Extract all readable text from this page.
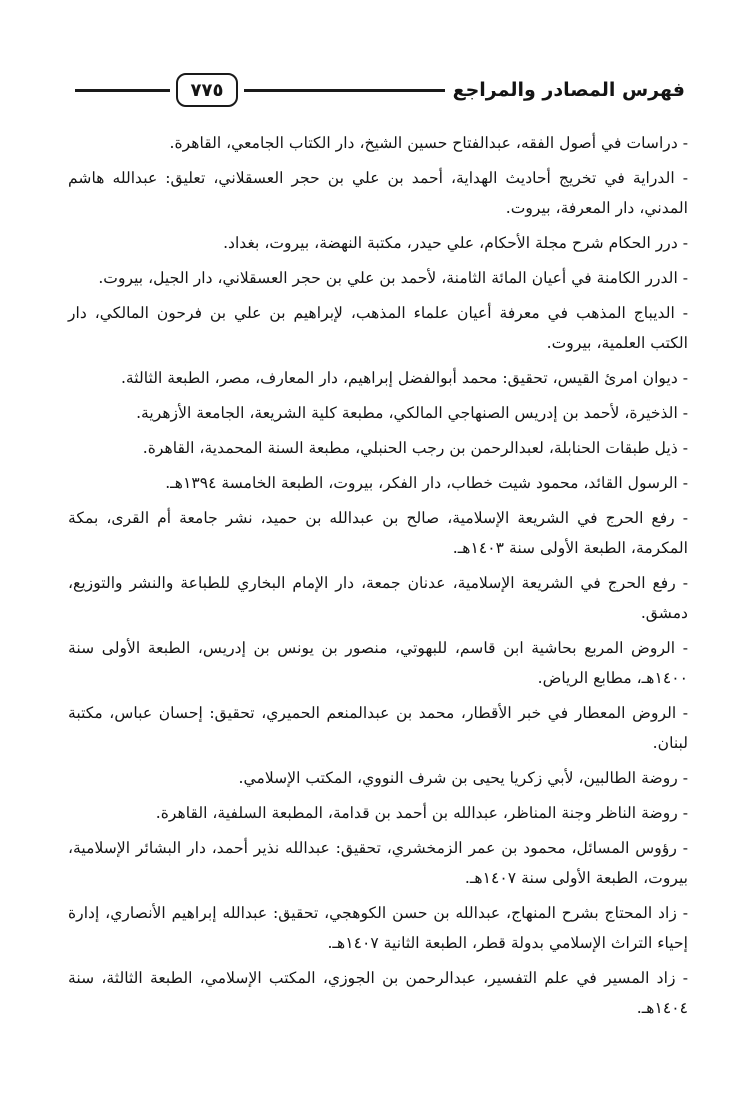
فهرس المصادر والمراجع
٧٧٥

- دراسات في أصول الفقه، عبدالفتاح حسين الشيخ، دار الكتاب الجامعي، القاهرة.

- الدراية في تخريج أحاديث الهداية، أحمد بن علي بن حجر العسقلاني، تعليق: عبدالله هاشم المدني، دار المعرفة، بيروت.

- درر الحكام شرح مجلة الأحكام، علي حيدر، مكتبة النهضة، بيروت، بغداد.

- الدرر الكامنة في أعيان المائة الثامنة، لأحمد بن علي بن حجر العسقلاني، دار الجيل، بيروت.

- الديباج المذهب في معرفة أعيان علماء المذهب، لإبراهيم بن علي بن فرحون المالكي، دار الكتب العلمية، بيروت.

- ديوان امرئ القيس، تحقيق: محمد أبوالفضل إبراهيم، دار المعارف، مصر، الطبعة الثالثة.

- الذخيرة، لأحمد بن إدريس الصنهاجي المالكي، مطبعة كلية الشريعة، الجامعة الأزهرية.

- ذيل طبقات الحنابلة، لعبدالرحمن بن رجب الحنبلي، مطبعة السنة المحمدية، القاهرة.

- الرسول القائد، محمود شيت خطاب، دار الفكر، بيروت، الطبعة الخامسة ١٣٩٤هـ.

- رفع الحرج في الشريعة الإسلامية، صالح بن عبدالله بن حميد، نشر جامعة أم القرى، بمكة المكرمة، الطبعة الأولى سنة ١٤٠٣هـ.

- رفع الحرج في الشريعة الإسلامية، عدنان جمعة، دار الإمام البخاري للطباعة والنشر والتوزيع، دمشق.

- الروض المربع بحاشية ابن قاسم، للبهوتي، منصور بن يونس بن إدريس، الطبعة الأولى سنة ١٤٠٠هـ، مطابع الرياض.

- الروض المعطار في خبر الأقطار، محمد بن عبدالمنعم الحميري، تحقيق: إحسان عباس، مكتبة لبنان.

- روضة الطالبين، لأبي زكريا يحيى بن شرف النووي، المكتب الإسلامي.

- روضة الناظر وجنة المناظر، عبدالله بن أحمد بن قدامة، المطبعة السلفية، القاهرة.

- رؤوس المسائل، محمود بن عمر الزمخشري، تحقيق: عبدالله نذير أحمد، دار البشائر الإسلامية، بيروت، الطبعة الأولى سنة ١٤٠٧هـ.

- زاد المحتاج بشرح المنهاج، عبدالله بن حسن الكوهجي، تحقيق: عبدالله إبراهيم الأنصاري، إدارة إحياء التراث الإسلامي بدولة قطر، الطبعة الثانية ١٤٠٧هـ.

- زاد المسير في علم التفسير، عبدالرحمن بن الجوزي، المكتب الإسلامي، الطبعة الثالثة، سنة ١٤٠٤هـ.
